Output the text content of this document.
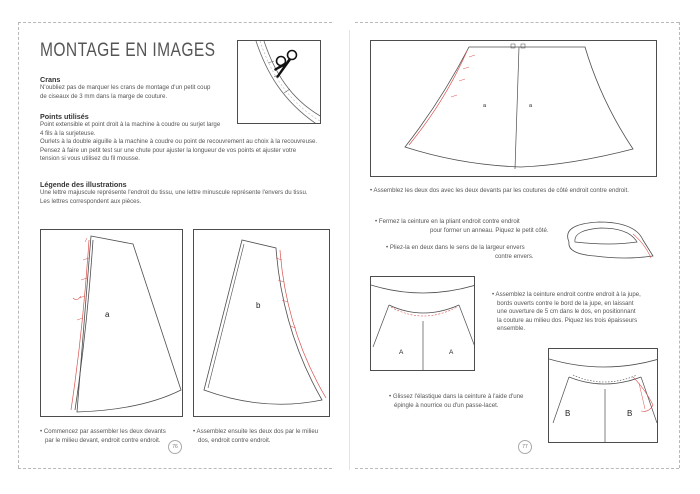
MONTAGE EN IMAGES
Crans
N'oubliez pas de marquer les crans de montage d'un petit coup
de ciseaux de 3 mm dans la marge de couture.
Points utilisés
Point extensible et point droit à la machine à coudre ou surjet large
4 fils à la surjeteuse.
Ourlets à la double aiguille à la machine à coudre ou point de recouvrement au choix à la recouvreuse.
Pensez à faire un petit test sur une chute pour ajuster la longueur de vos points et ajuster votre
tension si vous utilisez du fil mousse.
Légende des illustrations
Une lettre majuscule représente l'endroit du tissu, une lettre minuscule représente l'envers du tissu.
Les lettres correspondent aux pièces.
a
b
• Commencez par assembler les deux devants
par le milieu devant, endroit contre endroit.
• Assemblez ensuite les deux dos par le milieu
dos, endroit contre endroit.
76
a	a
• Assemblez les deux dos avec les deux devants par les coutures de côté endroit contre endroit.
• Fermez la ceinture en la pliant endroit contre endroit
pour former un anneau. Piquez le petit côté.
• Pliez-la en deux dans le sens de la largeur envers
contre envers.
A	A
• Assemblez la ceinture endroit contre endroit à la jupe,
bords ouverts contre le bord de la jupe, en laissant
une ouverture de 5 cm dans le dos, en positionnant
la couture au milieu dos. Piquez les trois épaisseurs
ensemble.
B	B
• Glissez l'élastique dans la ceinture à l'aide d'une
épingle à nourrice ou d'un passe-lacet.
77
